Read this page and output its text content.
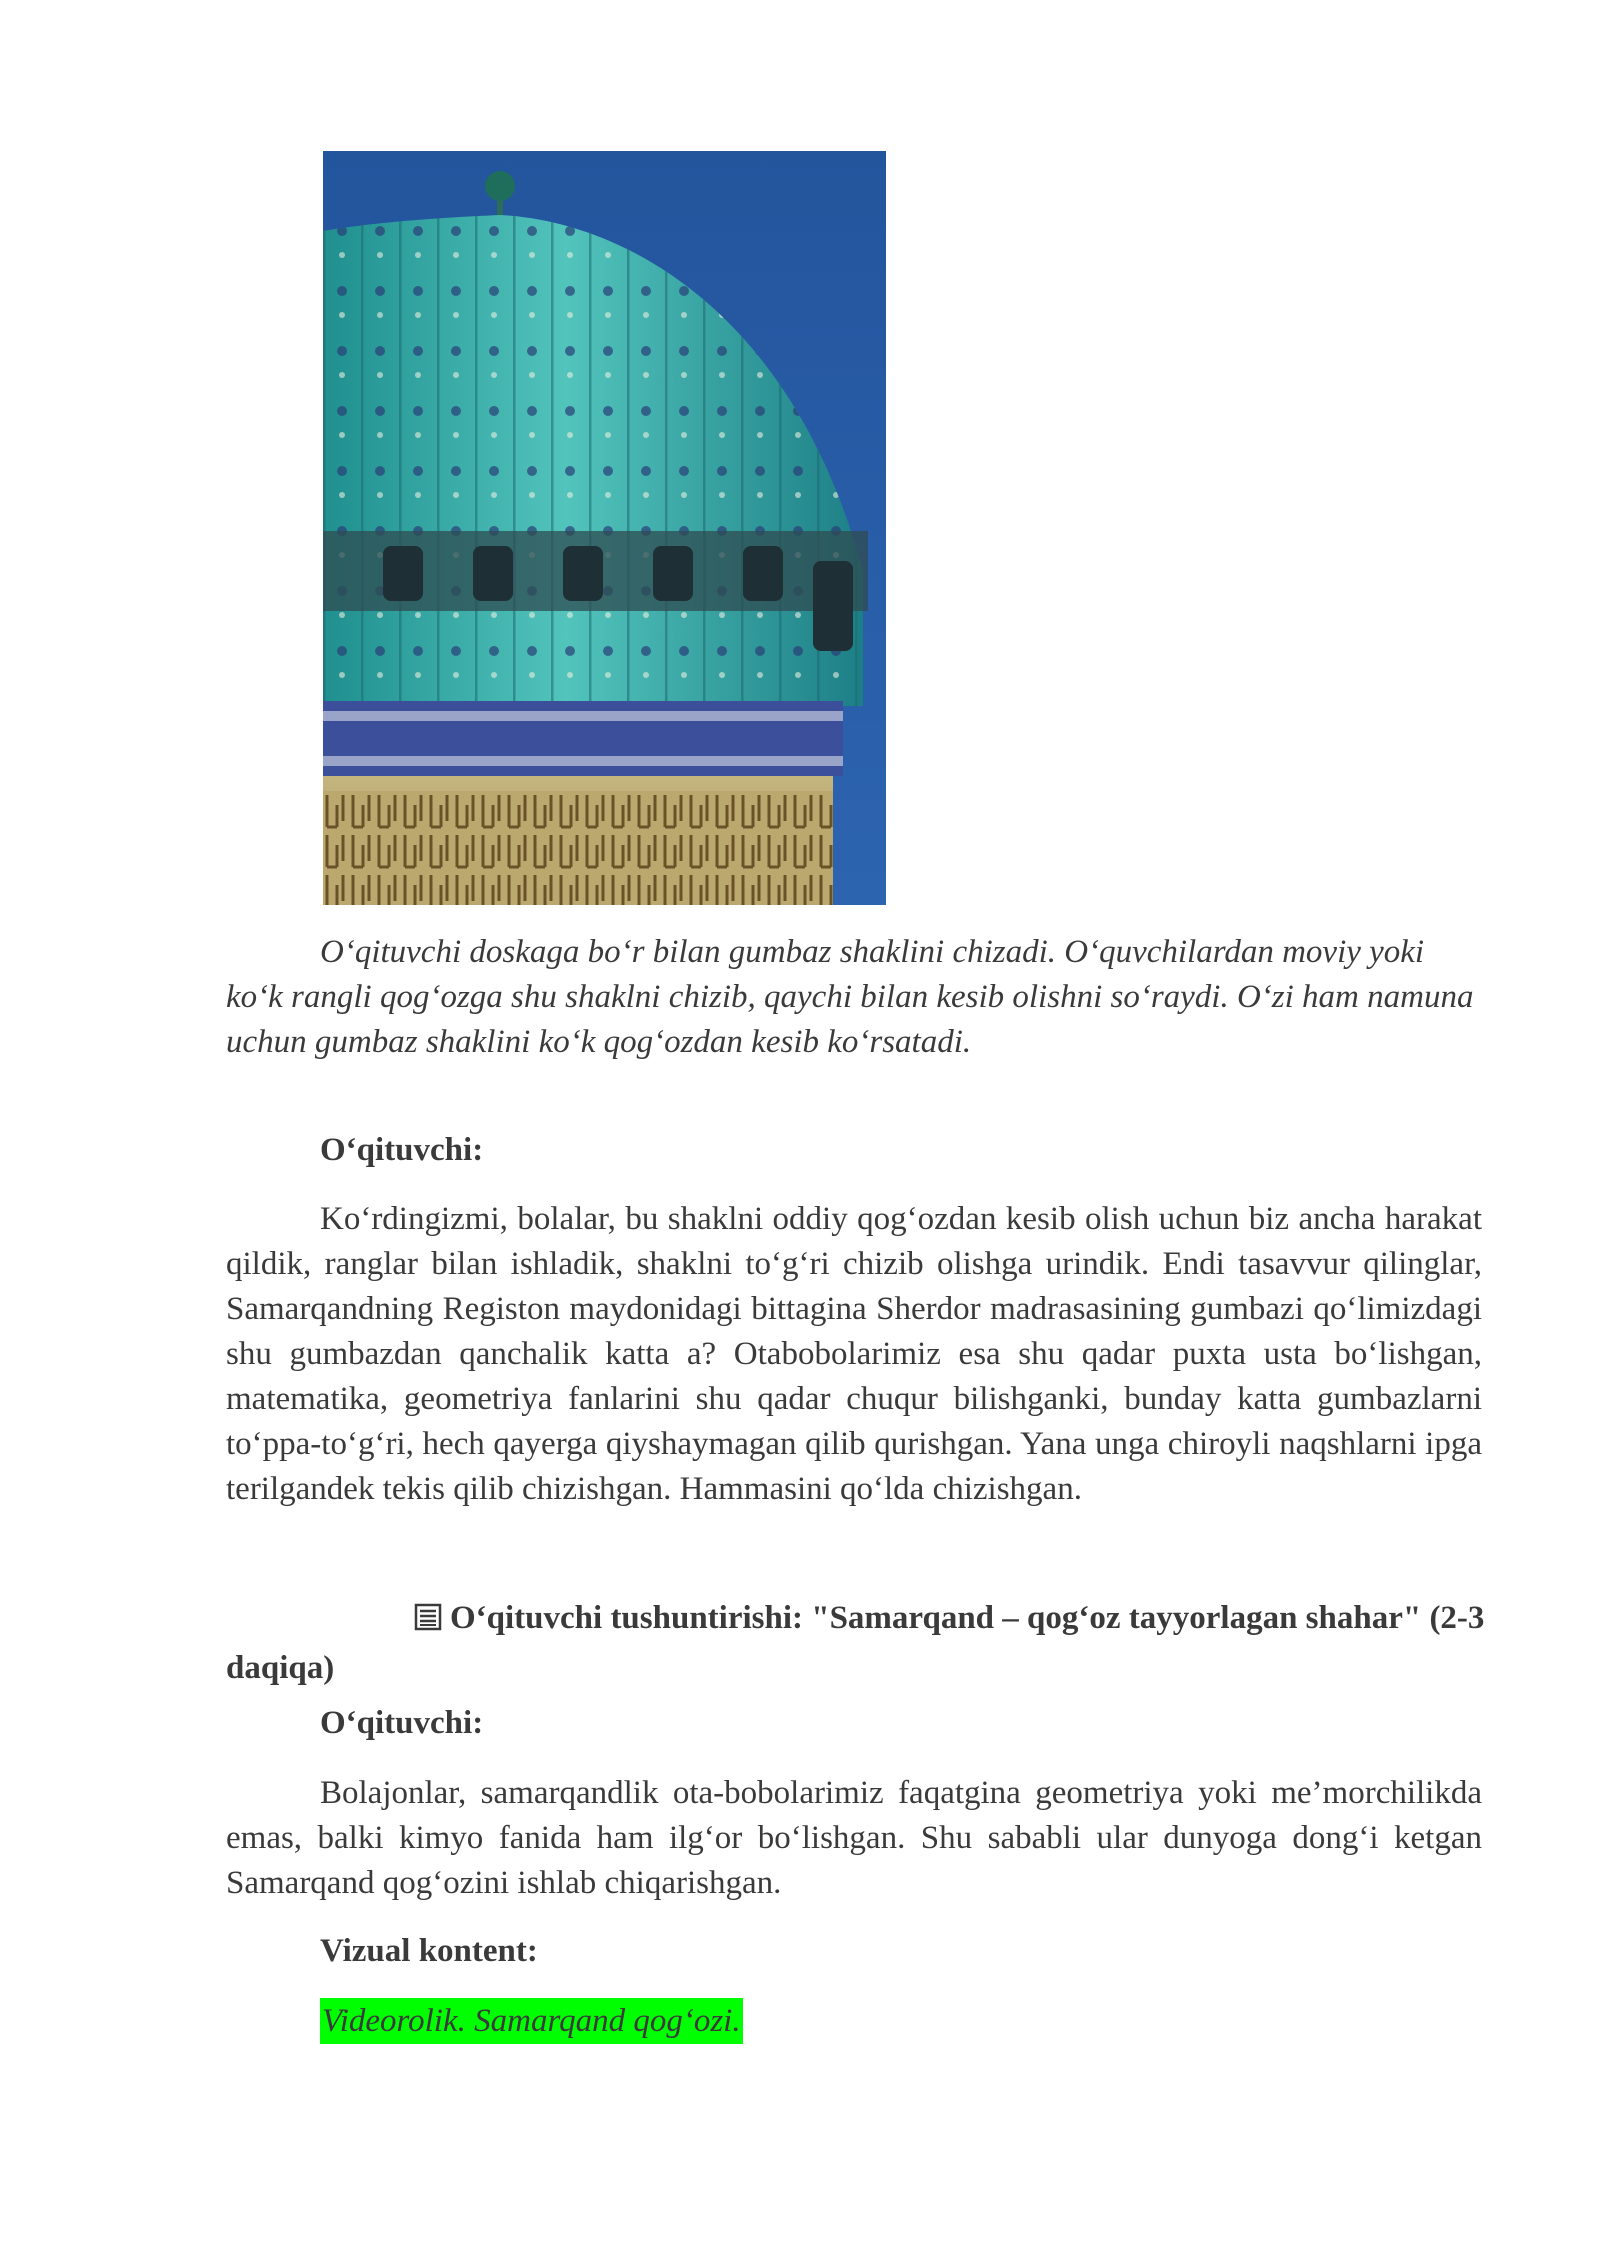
O‘qituvchi doskaga bo‘r bilan gumbaz shaklini chizadi. O‘quvchilardan moviy yoki ko‘k rangli qog‘ozga shu shaklni chizib, qaychi bilan kesib olishni so‘raydi. O‘zi ham namuna uchun gumbaz shaklini ko‘k qog‘ozdan kesib ko‘rsatadi.
O‘qituvchi:
Ko‘rdingizmi, bolalar, bu shaklni oddiy qog‘ozdan kesib olish uchun biz ancha harakat qildik, ranglar bilan ishladik, shaklni to‘g‘ri chizib olishga urindik. Endi tasavvur qilinglar, Samarqandning Registon maydonidagi bittagina Sherdor madrasasining gumbazi qo‘limizdagi shu gumbazdan qanchalik katta a? Otabobolarimiz esa shu qadar puxta usta bo‘lishgan, matematika, geometriya fanlarini shu qadar chuqur bilishganki, bunday katta gumbazlarni to‘ppa-to‘g‘ri, hech qayerga qiyshaymagan qilib qurishgan. Yana unga chiroyli naqshlarni ipga terilgandek tekis qilib chizishgan. Hammasini qo‘lda chizishgan.
O‘qituvchi tushuntirishi: "Samarqand – qog‘oz tayyorlagan shahar" (2-3 daqiqa)
O‘qituvchi:
Bolajonlar, samarqandlik ota-bobolarimiz faqatgina geometriya yoki me’morchilikda emas, balki kimyo fanida ham ilg‘or bo‘lishgan. Shu sababli ular dunyoga dong‘i ketgan Samarqand qog‘ozini ishlab chiqarishgan.
Vizual kontent:
Videorolik. Samarqand qog‘ozi.
